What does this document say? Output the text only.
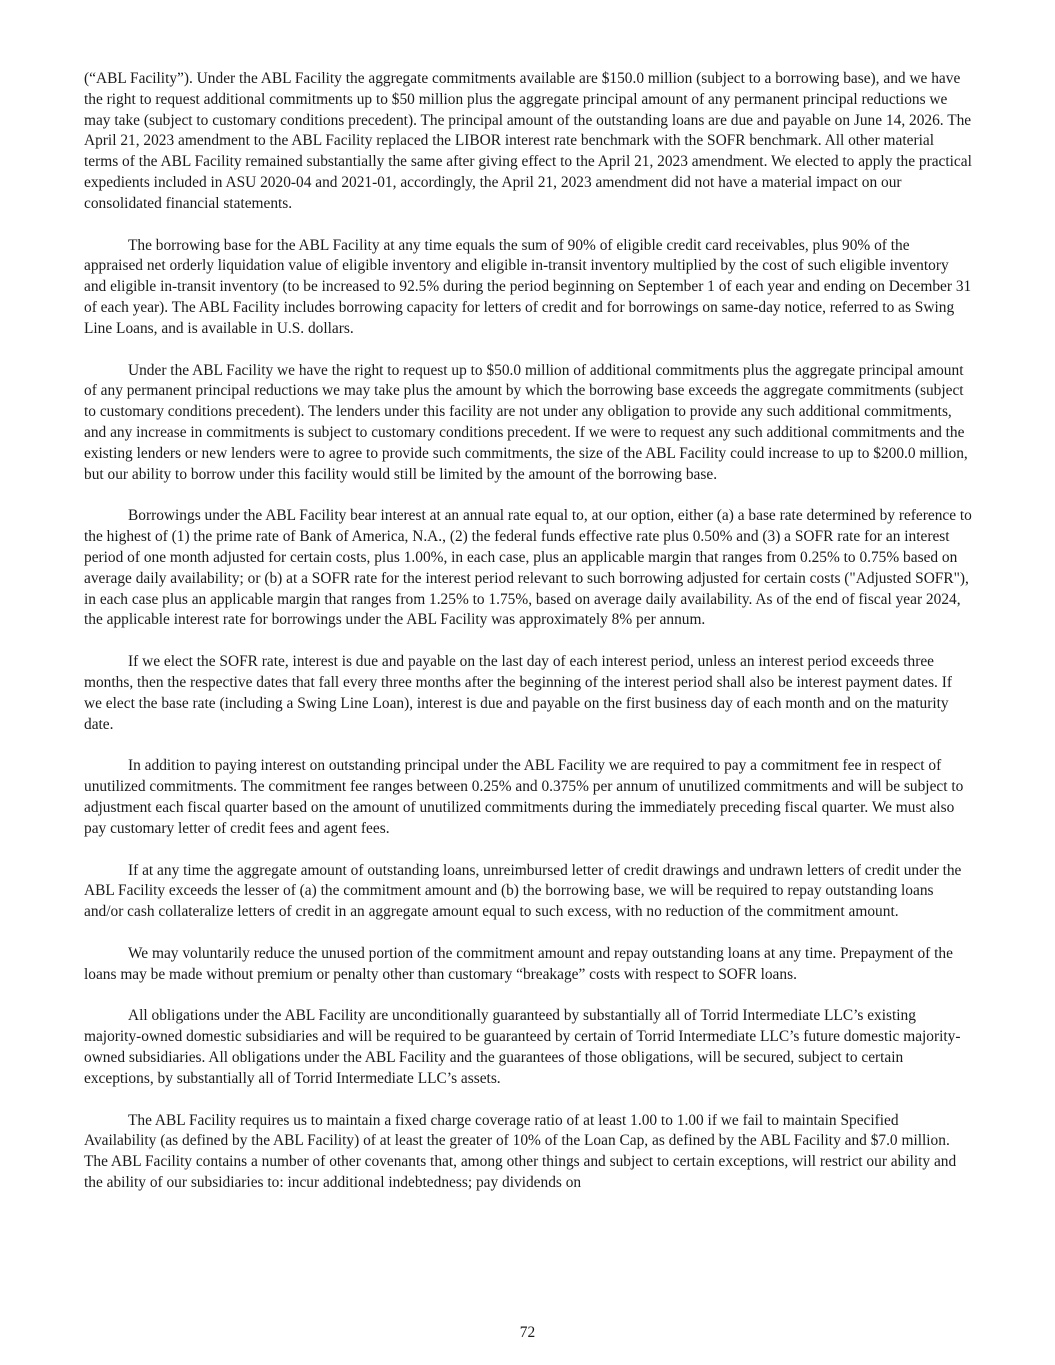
(“ABL Facility”). Under the ABL Facility the aggregate commitments available are $150.0 million (subject to a borrowing base), and we have the right to request additional commitments up to $50 million plus the aggregate principal amount of any permanent principal reductions we may take (subject to customary conditions precedent). The principal amount of the outstanding loans are due and payable on June 14, 2026. The April 21, 2023 amendment to the ABL Facility replaced the LIBOR interest rate benchmark with the SOFR benchmark. All other material terms of the ABL Facility remained substantially the same after giving effect to the April 21, 2023 amendment. We elected to apply the practical expedients included in ASU 2020-04 and 2021-01, accordingly, the April 21, 2023 amendment did not have a material impact on our consolidated financial statements.

The borrowing base for the ABL Facility at any time equals the sum of 90% of eligible credit card receivables, plus 90% of the appraised net orderly liquidation value of eligible inventory and eligible in-transit inventory multiplied by the cost of such eligible inventory and eligible in-transit inventory (to be increased to 92.5% during the period beginning on September 1 of each year and ending on December 31 of each year). The ABL Facility includes borrowing capacity for letters of credit and for borrowings on same-day notice, referred to as Swing Line Loans, and is available in U.S. dollars.

Under the ABL Facility we have the right to request up to $50.0 million of additional commitments plus the aggregate principal amount of any permanent principal reductions we may take plus the amount by which the borrowing base exceeds the aggregate commitments (subject to customary conditions precedent). The lenders under this facility are not under any obligation to provide any such additional commitments, and any increase in commitments is subject to customary conditions precedent. If we were to request any such additional commitments and the existing lenders or new lenders were to agree to provide such commitments, the size of the ABL Facility could increase to up to $200.0 million, but our ability to borrow under this facility would still be limited by the amount of the borrowing base.

Borrowings under the ABL Facility bear interest at an annual rate equal to, at our option, either (a) a base rate determined by reference to the highest of (1) the prime rate of Bank of America, N.A., (2) the federal funds effective rate plus 0.50% and (3) a SOFR rate for an interest period of one month adjusted for certain costs, plus 1.00%, in each case, plus an applicable margin that ranges from 0.25% to 0.75% based on average daily availability; or (b) at a SOFR rate for the interest period relevant to such borrowing adjusted for certain costs ("Adjusted SOFR"), in each case plus an applicable margin that ranges from 1.25% to 1.75%, based on average daily availability. As of the end of fiscal year 2024, the applicable interest rate for borrowings under the ABL Facility was approximately 8% per annum.

If we elect the SOFR rate, interest is due and payable on the last day of each interest period, unless an interest period exceeds three months, then the respective dates that fall every three months after the beginning of the interest period shall also be interest payment dates. If we elect the base rate (including a Swing Line Loan), interest is due and payable on the first business day of each month and on the maturity date.

In addition to paying interest on outstanding principal under the ABL Facility we are required to pay a commitment fee in respect of unutilized commitments. The commitment fee ranges between 0.25% and 0.375% per annum of unutilized commitments and will be subject to adjustment each fiscal quarter based on the amount of unutilized commitments during the immediately preceding fiscal quarter. We must also pay customary letter of credit fees and agent fees.

If at any time the aggregate amount of outstanding loans, unreimbursed letter of credit drawings and undrawn letters of credit under the ABL Facility exceeds the lesser of (a) the commitment amount and (b) the borrowing base, we will be required to repay outstanding loans and/or cash collateralize letters of credit in an aggregate amount equal to such excess, with no reduction of the commitment amount.

We may voluntarily reduce the unused portion of the commitment amount and repay outstanding loans at any time. Prepayment of the loans may be made without premium or penalty other than customary “breakage” costs with respect to SOFR loans.

All obligations under the ABL Facility are unconditionally guaranteed by substantially all of Torrid Intermediate LLC’s existing majority-owned domestic subsidiaries and will be required to be guaranteed by certain of Torrid Intermediate LLC’s future domestic majority-owned subsidiaries. All obligations under the ABL Facility and the guarantees of those obligations, will be secured, subject to certain exceptions, by substantially all of Torrid Intermediate LLC’s assets.

The ABL Facility requires us to maintain a fixed charge coverage ratio of at least 1.00 to 1.00 if we fail to maintain Specified Availability (as defined by the ABL Facility) of at least the greater of 10% of the Loan Cap, as defined by the ABL Facility and $7.0 million. The ABL Facility contains a number of other covenants that, among other things and subject to certain exceptions, will restrict our ability and the ability of our subsidiaries to: incur additional indebtedness; pay dividends on

72
